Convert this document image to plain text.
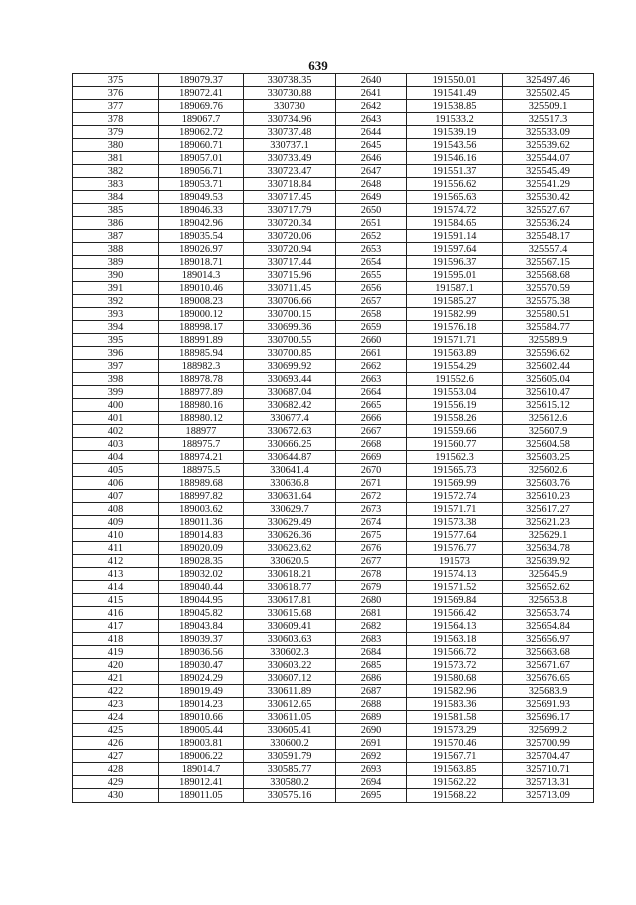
639
375	189079.37	330738.35	2640	191550.01	325497.46
376	189072.41	330730.88	2641	191541.49	325502.45
377	189069.76	330730	2642	191538.85	325509.1
378	189067.7	330734.96	2643	191533.2	325517.3
379	189062.72	330737.48	2644	191539.19	325533.09
380	189060.71	330737.1	2645	191543.56	325539.62
381	189057.01	330733.49	2646	191546.16	325544.07
382	189056.71	330723.47	2647	191551.37	325545.49
383	189053.71	330718.84	2648	191556.62	325541.29
384	189049.53	330717.45	2649	191565.63	325530.42
385	189046.33	330717.79	2650	191574.72	325527.67
386	189042.96	330720.34	2651	191584.65	325536.24
387	189035.54	330720.06	2652	191591.14	325548.17
388	189026.97	330720.94	2653	191597.64	325557.4
389	189018.71	330717.44	2654	191596.37	325567.15
390	189014.3	330715.96	2655	191595.01	325568.68
391	189010.46	330711.45	2656	191587.1	325570.59
392	189008.23	330706.66	2657	191585.27	325575.38
393	189000.12	330700.15	2658	191582.99	325580.51
394	188998.17	330699.36	2659	191576.18	325584.77
395	188991.89	330700.55	2660	191571.71	325589.9
396	188985.94	330700.85	2661	191563.89	325596.62
397	188982.3	330699.92	2662	191554.29	325602.44
398	188978.78	330693.44	2663	191552.6	325605.04
399	188977.89	330687.04	2664	191553.04	325610.47
400	188980.16	330682.42	2665	191556.19	325615.12
401	188980.12	330677.4	2666	191558.26	325612.6
402	188977	330672.63	2667	191559.66	325607.9
403	188975.7	330666.25	2668	191560.77	325604.58
404	188974.21	330644.87	2669	191562.3	325603.25
405	188975.5	330641.4	2670	191565.73	325602.6
406	188989.68	330636.8	2671	191569.99	325603.76
407	188997.82	330631.64	2672	191572.74	325610.23
408	189003.62	330629.7	2673	191571.71	325617.27
409	189011.36	330629.49	2674	191573.38	325621.23
410	189014.83	330626.36	2675	191577.64	325629.1
411	189020.09	330623.62	2676	191576.77	325634.78
412	189028.35	330620.5	2677	191573	325639.92
413	189032.02	330618.21	2678	191574.13	325645.9
414	189040.44	330618.77	2679	191571.52	325652.62
415	189044.95	330617.81	2680	191569.84	325653.8
416	189045.82	330615.68	2681	191566.42	325653.74
417	189043.84	330609.41	2682	191564.13	325654.84
418	189039.37	330603.63	2683	191563.18	325656.97
419	189036.56	330602.3	2684	191566.72	325663.68
420	189030.47	330603.22	2685	191573.72	325671.67
421	189024.29	330607.12	2686	191580.68	325676.65
422	189019.49	330611.89	2687	191582.96	325683.9
423	189014.23	330612.65	2688	191583.36	325691.93
424	189010.66	330611.05	2689	191581.58	325696.17
425	189005.44	330605.41	2690	191573.29	325699.2
426	189003.81	330600.2	2691	191570.46	325700.99
427	189006.22	330591.79	2692	191567.71	325704.47
428	189014.7	330585.77	2693	191563.85	325710.71
429	189012.41	330580.2	2694	191562.22	325713.31
430	189011.05	330575.16	2695	191568.22	325713.09
